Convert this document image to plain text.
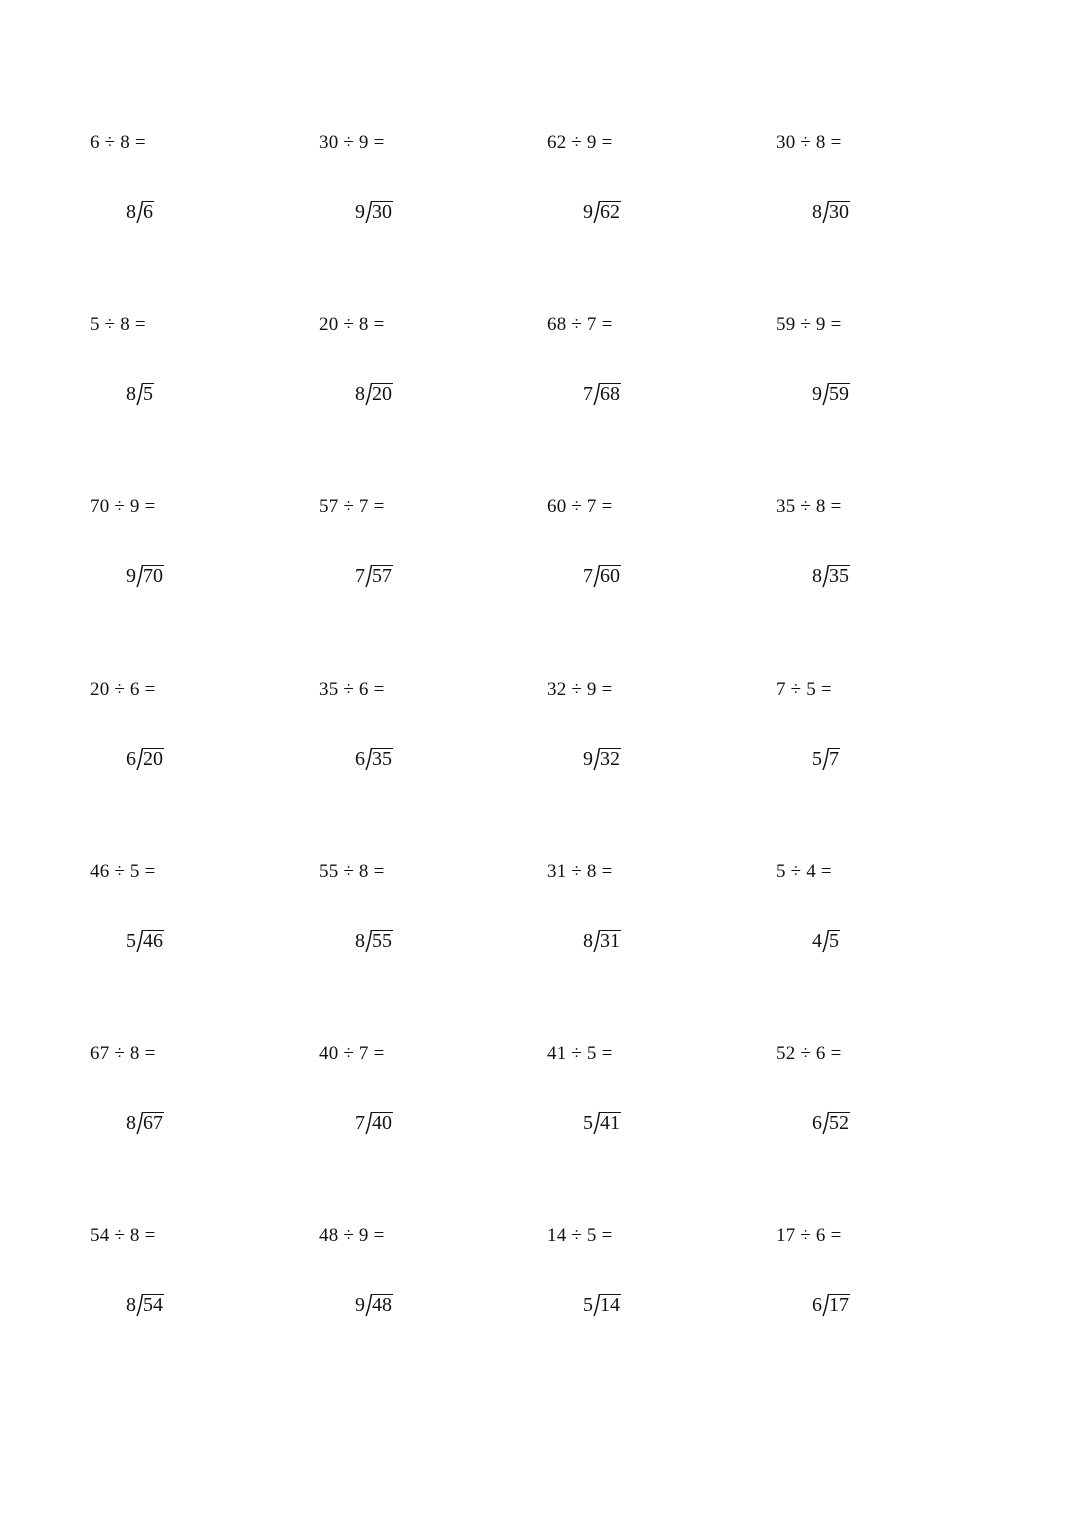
6 ÷ 8 =
8 6
30 ÷ 9 =
9 30
62 ÷ 9 =
9 62
30 ÷ 8 =
8 30
5 ÷ 8 =
8 5
20 ÷ 8 =
8 20
68 ÷ 7 =
7 68
59 ÷ 9 =
9 59
70 ÷ 9 =
9 70
57 ÷ 7 =
7 57
60 ÷ 7 =
7 60
35 ÷ 8 =
8 35
20 ÷ 6 =
6 20
35 ÷ 6 =
6 35
32 ÷ 9 =
9 32
7 ÷ 5 =
5 7
46 ÷ 5 =
5 46
55 ÷ 8 =
8 55
31 ÷ 8 =
8 31
5 ÷ 4 =
4 5
67 ÷ 8 =
8 67
40 ÷ 7 =
7 40
41 ÷ 5 =
5 41
52 ÷ 6 =
6 52
54 ÷ 8 =
8 54
48 ÷ 9 =
9 48
14 ÷ 5 =
5 14
17 ÷ 6 =
6 17
